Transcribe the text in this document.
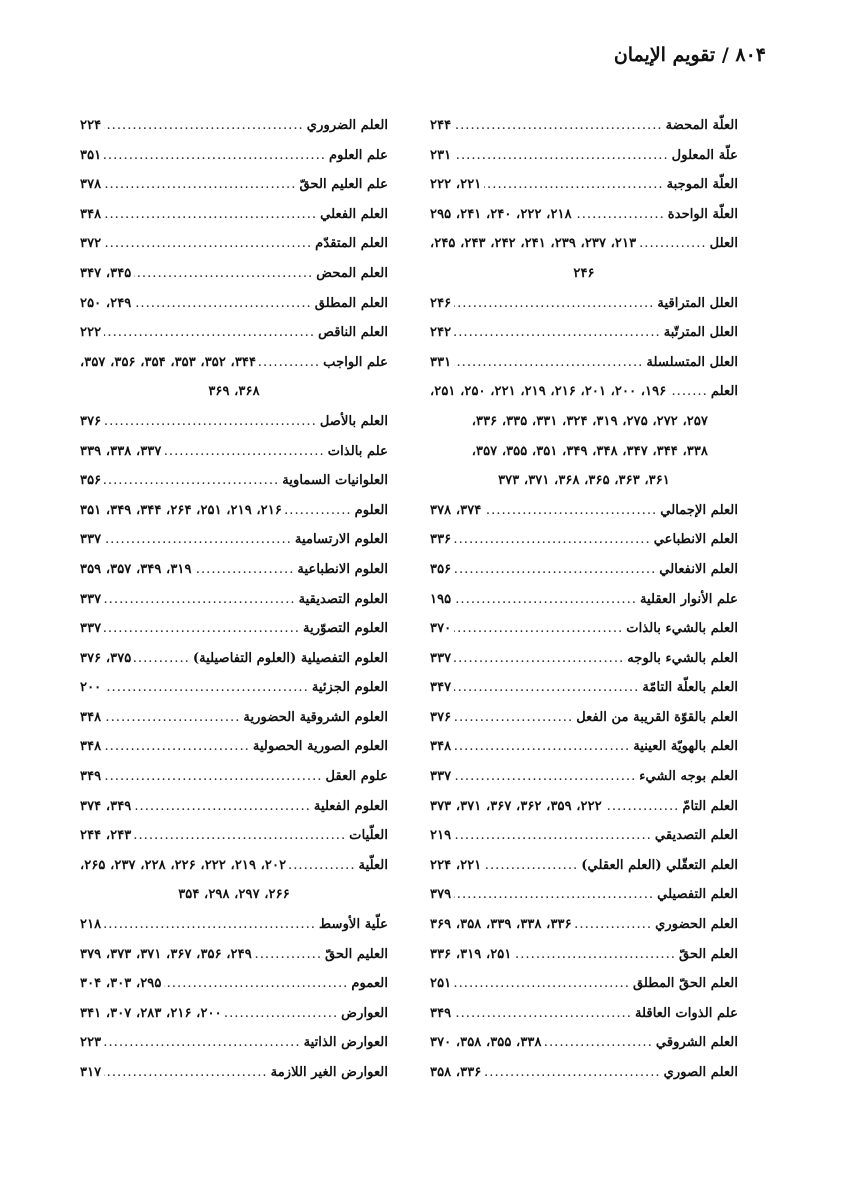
۸۰۴ / تقويم الإيمان
العلّة المحضة
.....
۲۴۴
علّة المعلول
.....
۲۳۱
العلّة الموجبة
.....
۲۲۱، ۲۲۲
العلّة الواحدة
.....
۲۱۸، ۲۲۲، ۲۴۰، ۲۴۱، ۲۹۵
العلل
.....
۲۱۳، ۲۳۷، ۲۳۹، ۲۴۱، ۲۴۲، ۲۴۳، ۲۴۵،
۲۴۶
العلل المتراقية
.....
۲۴۶
العلل المترتّبة
.....
۲۴۲
العلل المتسلسلة
.....
۳۳۱
العلم
.....
۱۹۶، ۲۰۰، ۲۰۱، ۲۱۶، ۲۱۹، ۲۲۱، ۲۵۰، ۲۵۱،
۲۵۷، ۲۷۲، ۲۷۵، ۳۱۹، ۳۲۴، ۳۳۱، ۳۳۵، ۳۳۶،
۳۳۸، ۳۴۴، ۳۴۷، ۳۴۸، ۳۴۹، ۳۵۱، ۳۵۵، ۳۵۷،
۳۶۱، ۳۶۳، ۳۶۵، ۳۶۸، ۳۷۱، ۳۷۳
العلم الإجمالي
.....
۳۷۴، ۳۷۸
العلم الانطباعي
.....
۳۳۶
العلم الانفعالي
.....
۳۵۶
علم الأنوار العقلية
.....
۱۹۵
العلم بالشيء بالذات
.....
۳۷۰
العلم بالشيء بالوجه
.....
۳۳۷
العلم بالعلّة التامّة
.....
۳۴۷
العلم بالقوّة القريبة من الفعل
.....
۳۷۶
العلم بالهويّة العينية
.....
۳۴۸
العلم بوجه الشيء
.....
۳۳۷
العلم التامّ
.....
۲۲۲، ۳۵۹، ۳۶۲، ۳۶۷، ۳۷۱، ۳۷۳
العلم التصديقي
.....
۲۱۹
العلم التعقّلي (العلم العقلي)
.....
۲۲۱، ۲۲۴
العلم التفصيلي
.....
۳۷۹
العلم الحضوري
.....
۳۳۶، ۳۳۸، ۳۳۹، ۳۵۸، ۳۶۹
العلم الحقّ
.....
۲۵۱، ۳۱۹، ۳۳۶
العلم الحقّ المطلق
.....
۲۵۱
علم الذوات العاقلة
.....
۳۴۹
العلم الشروقي
.....
۳۳۸، ۳۵۵، ۳۵۸، ۳۷۰
العلم الصوري
.....
۳۳۶، ۳۵۸
العلم الضروري
.....
۲۲۴
علم العلوم
.....
۳۵۱
علم العليم الحقّ
.....
۳۷۸
العلم الفعلي
.....
۳۴۸
العلم المتقدّم
.....
۳۷۲
العلم المحض
.....
۳۴۵، ۳۴۷
العلم المطلق
.....
۲۴۹، ۲۵۰
العلم الناقص
.....
۲۲۲
علم الواجب
.....
۳۴۴، ۳۵۲، ۳۵۳، ۳۵۴، ۳۵۶، ۳۵۷،
۳۶۸، ۳۶۹
العلم بالأصل
.....
۳۷۶
علم بالذات
.....
۳۳۷، ۳۳۸، ۳۳۹
العلوانيات السماوية
.....
۳۵۶
العلوم
.....
۲۱۶، ۲۱۹، ۲۵۱، ۲۶۴، ۳۴۴، ۳۴۹، ۳۵۱
العلوم الارتسامية
.....
۳۳۷
العلوم الانطباعية
.....
۳۱۹، ۳۴۹، ۳۵۷، ۳۵۹
العلوم التصديقية
.....
۳۳۷
العلوم التصوّرية
.....
۳۳۷
العلوم التفصيلية (العلوم التفاصيلية)
.....
۳۷۵، ۳۷۶
العلوم الجزئية
.....
۲۰۰
العلوم الشروقية الحضورية
.....
۳۴۸
العلوم الصورية الحصولية
.....
۳۴۸
علوم العقل
.....
۳۴۹
العلوم الفعلية
.....
۳۴۹، ۳۷۴
العلّيات
.....
۲۴۳، ۲۴۴
العلّية
.....
۲۰۲، ۲۱۹، ۲۲۲، ۲۲۶، ۲۲۸، ۲۳۷، ۲۶۵،
۲۶۶، ۲۹۷، ۲۹۸، ۳۵۴
علّية الأوسط
.....
۲۱۸
العليم الحقّ
.....
۲۴۹، ۳۵۶، ۳۶۷، ۳۷۱، ۳۷۳، ۳۷۹
العموم
.....
۲۹۵، ۳۰۳، ۳۰۴
العوارض
.....
۲۰۰، ۲۱۶، ۲۸۳، ۳۰۷، ۳۴۱
العوارض الذاتية
.....
۲۲۳
العوارض الغير اللازمة
.....
۳۱۷
